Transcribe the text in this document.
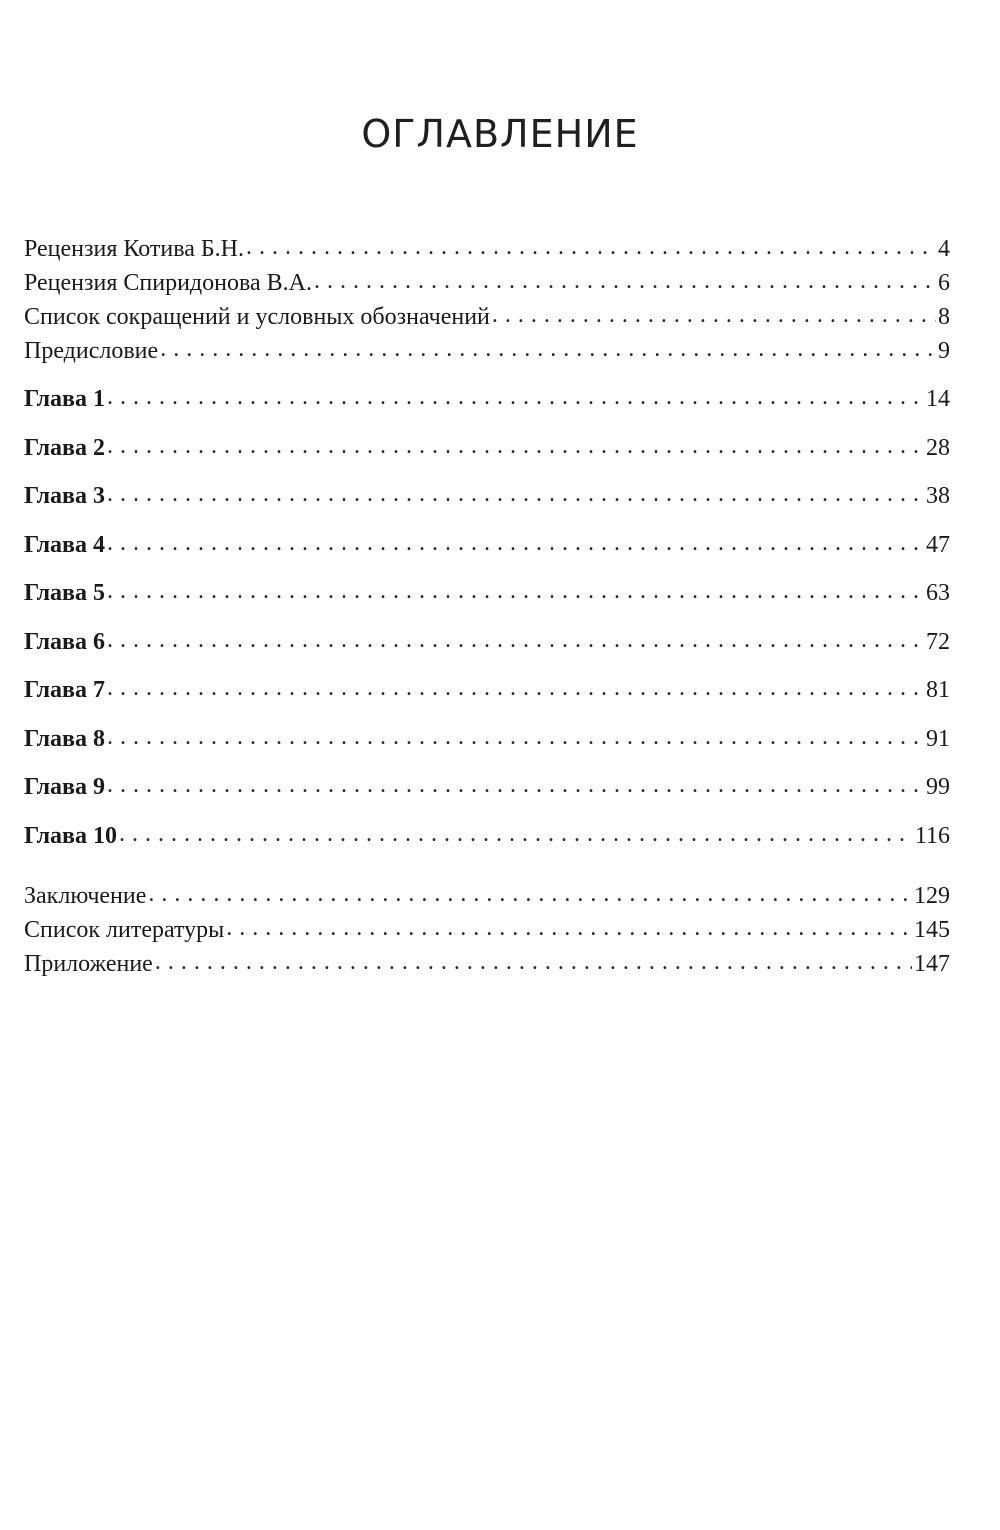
ОГЛАВЛЕНИЕ
Рецензия Котива Б.Н. . . .	4
Рецензия Спиридонова В.А. . . .	6
Список сокращений и условных обозначений . . .	8
Предисловие . . .	9
Глава 1 . . .	14
Глава 2 . . .	28
Глава 3 . . .	38
Глава 4 . . .	47
Глава 5 . . .	63
Глава 6 . . .	72
Глава 7 . . .	81
Глава 8 . . .	91
Глава 9 . . .	99
Глава 10 . . .	116
Заключение . . .	129
Список литературы . . .	145
Приложение . . .	147
